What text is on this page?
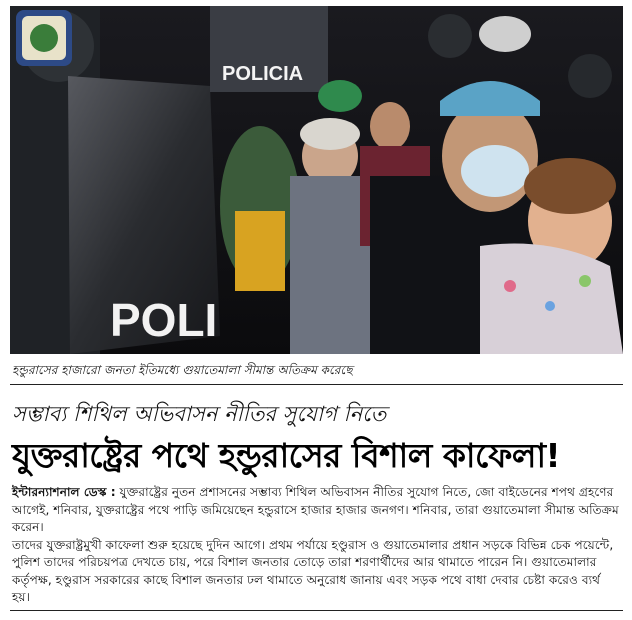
POLI
POLICIA
হন্ডুরাসের হাজারো জনতা ইতিমধ্যে গুয়াতেমালা সীমান্ত অতিক্রম করেছে
সম্ভাব্য শিথিল অভিবাসন নীতির সুযোগ নিতে
যুক্তরাষ্ট্রের পথে হন্ডুরাসের বিশাল কাফেলা!

ইন্টারন্যাশনাল ডেস্ক : যুক্তরাষ্ট্রের নুতন প্রশাসনের সম্ভাব্য শিথিল অভিবাসন নীতির সুযোগ নিতে, জো বাইডেনের শপথ গ্রহণের আগেই, শনিবার, যুক্তরাষ্ট্রের পথে পাড়ি জমিয়েছেন হন্ডুরাসে হাজার হাজার জনগণ। শনিবার, তারা গুয়াতেমালা সীমান্ত অতিক্রম করেন।

তাদের যুক্তরাষ্ট্রমুখী কাফেলা শুরু হয়েছে দুদিন আগে। প্রথম পর্যায়ে হণ্ডুরাস ও গুয়াতেমালার প্রধান সড়কে বিভিন্ন চেক পয়েন্টে, পুলিশ তাদের পরিচয়পত্র দেখতে চায়, পরে বিশাল জনতার তোড়ে তারা শরণার্থীদের আর থামাতে পারেন নি। গুয়াতেমালার কর্তৃপক্ষ, হণ্ডুরাস সরকারের কাছে বিশাল জনতার ঢল থামাতে অনুরোধ জানায় এবং সড়ক পথে বাধা দেবার চেষ্টা করেও ব্যর্থ হয়।
